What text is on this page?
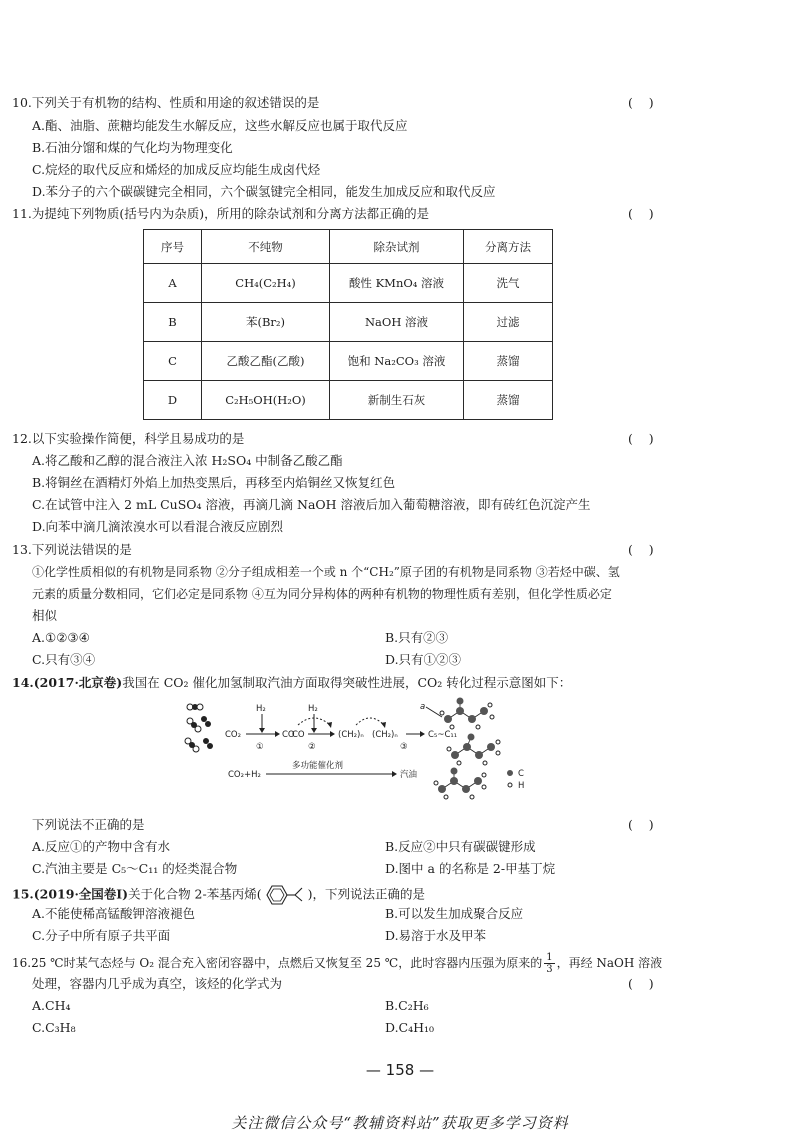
10.下列关于有机物的结构、性质和用途的叙述错误的是	(    )
A.酯、油脂、蔗糖均能发生水解反应，这些水解反应也属于取代反应
B.石油分馏和煤的气化均为物理变化
C.烷烃的取代反应和烯烃的加成反应均能生成卤代烃
D.苯分子的六个碳碳键完全相同，六个碳氢键完全相同，能发生加成反应和取代反应
11.为提纯下列物质(括号内为杂质)，所用的除杂试剂和分离方法都正确的是	(    )
序号	不纯物	除杂试剂	分离方法
A	CH₄(C₂H₄)	酸性 KMnO₄ 溶液	洗气
B	苯(Br₂)	NaOH 溶液	过滤
C	乙酸乙酯(乙酸)	饱和 Na₂CO₃ 溶液	蒸馏
D	C₂H₅OH(H₂O)	新制生石灰	蒸馏
12.以下实验操作简便，科学且易成功的是	(    )
A.将乙酸和乙醇的混合液注入浓 H₂SO₄ 中制备乙酸乙酯
B.将铜丝在酒精灯外焰上加热变黑后，再移至内焰铜丝又恢复红色
C.在试管中注入 2 mL CuSO₄ 溶液，再滴几滴 NaOH 溶液后加入葡萄糖溶液，即有砖红色沉淀产生
D.向苯中滴几滴浓溴水可以看混合液反应剧烈
13.下列说法错误的是	(    )
①化学性质相似的有机物是同系物 ②分子组成相差一个或 n 个“CH₂”原子团的有机物是同系物 ③若烃中碳、氢
元素的质量分数相同，它们必定是同系物 ④互为同分异构体的两种有机物的物理性质有差别，但化学性质必定
相似
A.①②③④	B.只有②③
C.只有③④	D.只有①②③
14.(2017·北京卷)我国在 CO₂ 催化加氢制取汽油方面取得突破性进展，CO₂ 转化过程示意图如下：
CO₂
H₂
①
CO
CO
H₂
②
(CH₂)ₙ (CH₂)ₙ	C₅~C₁₁
③
a
CO₂+H₂
多功能催化剂
汽油	C
H
下列说法不正确的是	(    )
A.反应①的产物中含有水	B.反应②中只有碳碳键形成
C.汽油主要是 C₅～C₁₁ 的烃类混合物	D.图中 a 的名称是 2-甲基丁烷
15.(2019·全国卷Ⅰ)关于化合物 2-苯基丙烯(	)，下列说法正确的是
A.不能使稀高锰酸钾溶液褪色	B.可以发生加成聚合反应
C.分子中所有原子共平面	D.易溶于水及甲苯
16.25 ℃时某气态烃与 O₂ 混合充入密闭容器中，点燃后又恢复至 25 ℃，此时容器内压强为原来的 $\frac{1}{3}$ ，再经 NaOH 溶液
处理，容器内几乎成为真空，该烃的化学式为	(    )
A.CH₄	B.C₂H₆
C.C₃H₈	D.C₄H₁₀
— 158 —
关注微信公众号“教辅资料站”获取更多学习资料
